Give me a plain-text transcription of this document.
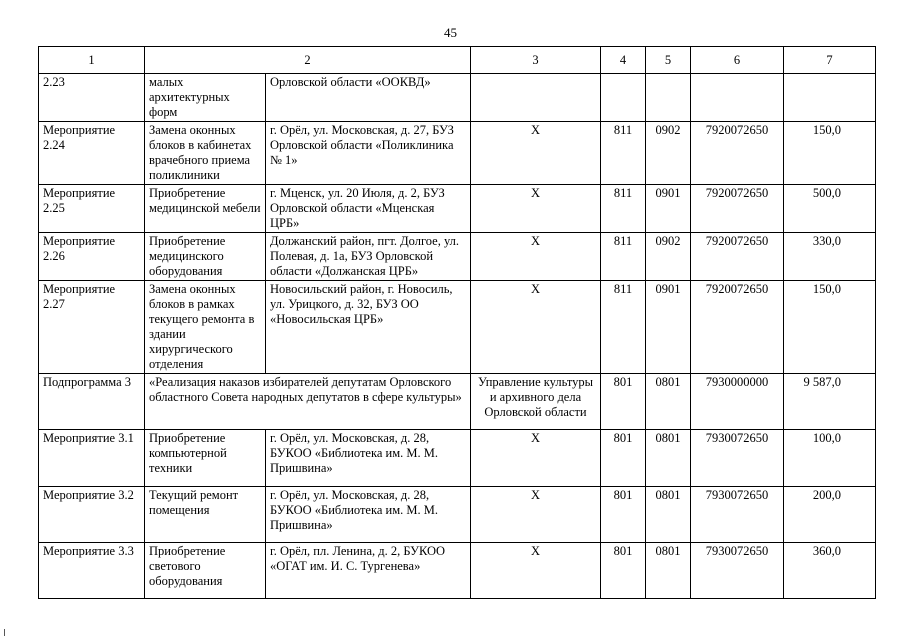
45
1	2		3	4	5	6	7
2.23	малых архитектурных форм	Орловской области «ООКВД»					
Мероприятие 2.24	Замена оконных блоков в кабинетах врачебного приема поликлиники	г. Орёл, ул. Московская, д. 27, БУЗ Орловской области «Поликлиника № 1»	X	811	0902	7920072650	150,0
Мероприятие 2.25	Приобретение медицинской мебели	г. Мценск, ул. 20 Июля, д. 2, БУЗ Орловской области «Мценская ЦРБ»	X	811	0901	7920072650	500,0
Мероприятие 2.26	Приобретение медицинского оборудования	Должанский район, пгт. Долгое, ул. Полевая, д. 1а, БУЗ Орловской области «Должанская ЦРБ»	X	811	0902	7920072650	330,0
Мероприятие 2.27	Замена оконных блоков в рамках текущего ремонта в здании хирургического отделения	Новосильский район, г. Новосиль, ул. Урицкого, д. 32, БУЗ ОО «Новосильская ЦРБ»	X	811	0901	7920072650	150,0
Подпрограмма 3	«Реализация наказов избирателей депутатам Орловского областного Совета народных депутатов в сфере культуры»		Управление культуры и архивного дела Орловской области	801	0801	7930000000	9 587,0
Мероприятие 3.1	Приобретение компьютерной техники	г. Орёл, ул. Московская, д. 28, БУКОО «Библиотека им. М. М. Пришвина»	X	801	0801	7930072650	100,0
Мероприятие 3.2	Текущий ремонт помещения	г. Орёл, ул. Московская, д. 28, БУКОО «Библиотека им. М. М. Пришвина»	X	801	0801	7930072650	200,0
Мероприятие 3.3	Приобретение светового оборудования	г. Орёл, пл. Ленина, д. 2, БУКОО «ОГАТ им. И. С. Тургенева»	X	801	0801	7930072650	360,0
